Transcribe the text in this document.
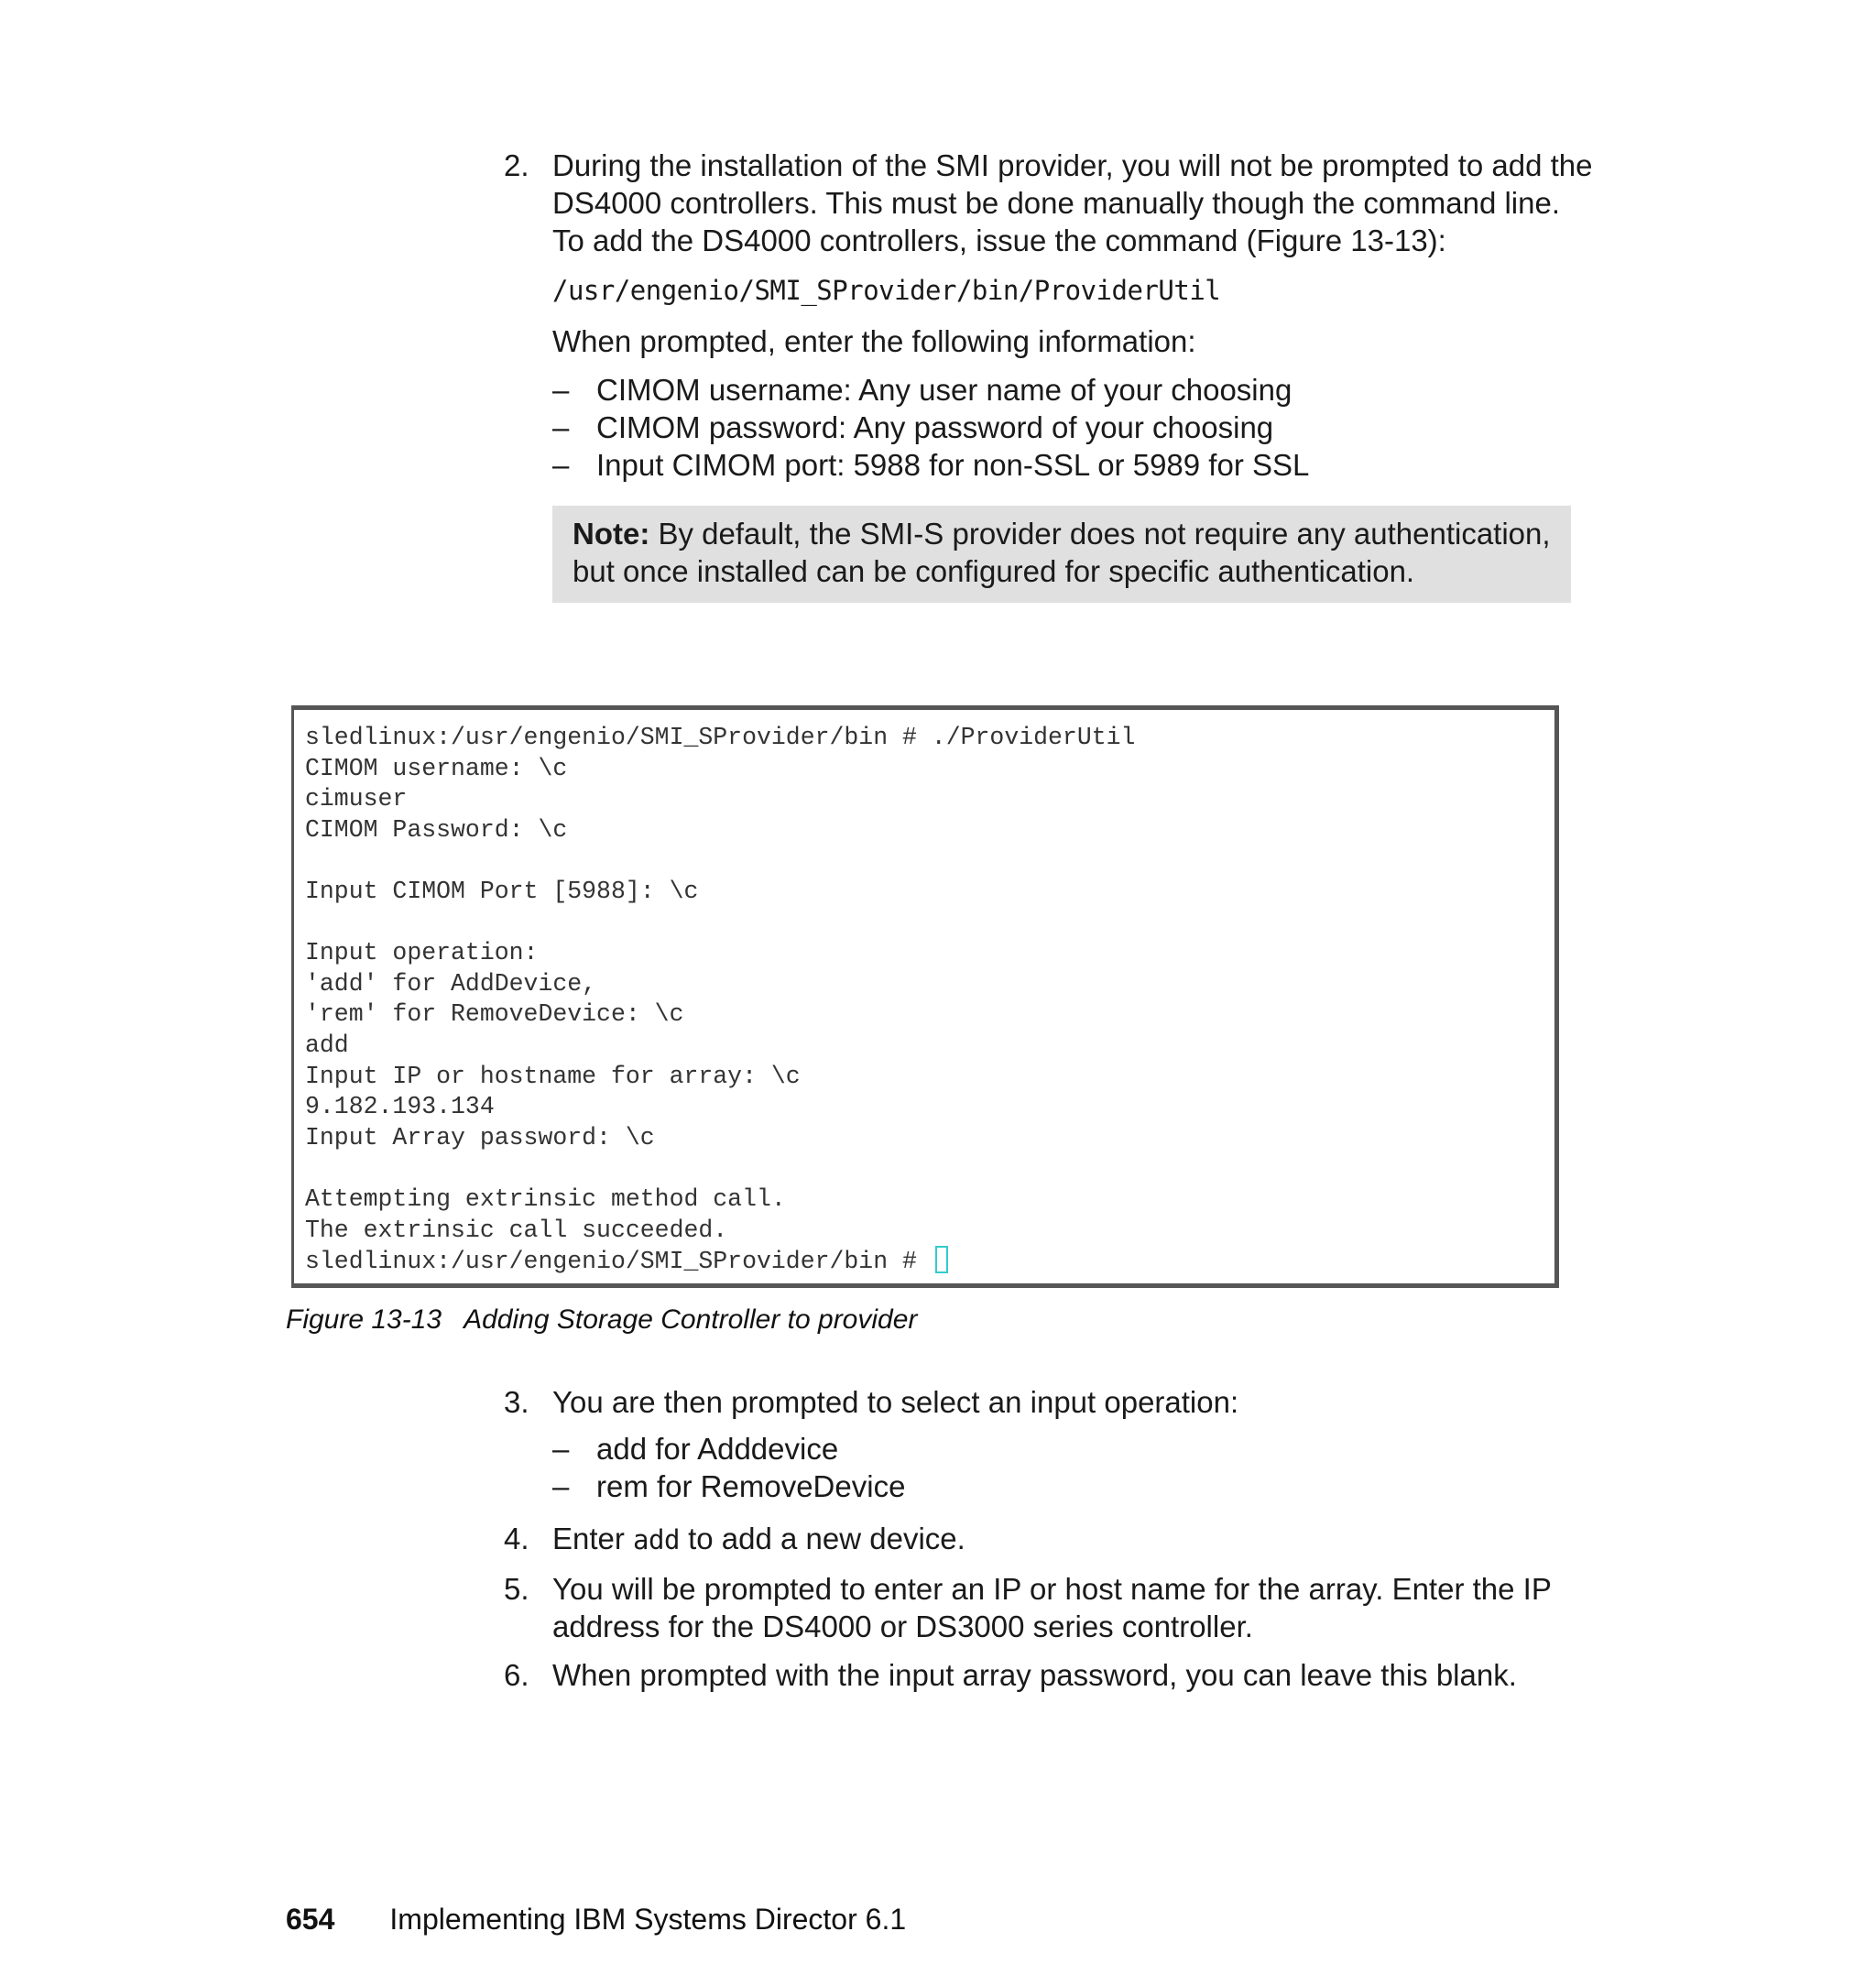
2. During the installation of the SMI provider, you will not be prompted to add the
DS4000 controllers. This must be done manually though the command line.
To add the DS4000 controllers, issue the command (Figure 13-13):
/usr/engenio/SMI_SProvider/bin/ProviderUtil
When prompted, enter the following information:
– CIMOM username: Any user name of your choosing
– CIMOM password: Any password of your choosing
– Input CIMOM port: 5988 for non-SSL or 5989 for SSL
Note: By default, the SMI-S provider does not require any authentication,
but once installed can be configured for specific authentication.
sledlinux:/usr/engenio/SMI_SProvider/bin # ./ProviderUtil
CIMOM username: \c
cimuser
CIMOM Password: \c

Input CIMOM Port [5988]: \c

Input operation:
'add' for AddDevice,
'rem' for RemoveDevice: \c
add
Input IP or hostname for array: \c
9.182.193.134
Input Array password: \c

Attempting extrinsic method call.
The extrinsic call succeeded.
sledlinux:/usr/engenio/SMI_SProvider/bin #
Figure 13-13 Adding Storage Controller to provider
3. You are then prompted to select an input operation:
– add for Adddevice
– rem for RemoveDevice
4. Enter add to add a new device.
5. You will be prompted to enter an IP or host name for the array. Enter the IP
address for the DS4000 or DS3000 series controller.
6. When prompted with the input array password, you can leave this blank.
654 Implementing IBM Systems Director 6.1
